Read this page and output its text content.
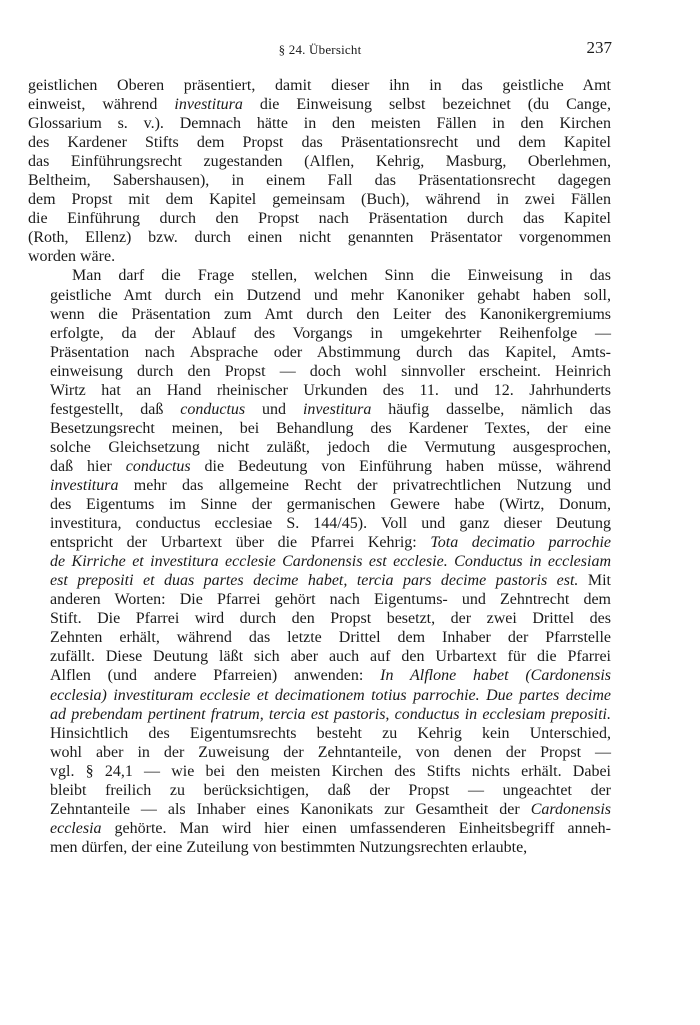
§ 24. Übersicht	237

geistlichen Oberen präsentiert, damit dieser ihn in das geistliche Amt
einweist, während investitura die Einweisung selbst bezeichnet (du Cange,
Glossarium s. v.). Demnach hätte in den meisten Fällen in den Kirchen
des Kardener Stifts dem Propst das Präsentationsrecht und dem Kapitel
das Einführungsrecht zugestanden (Alflen, Kehrig, Masburg, Oberlehmen,
Beltheim, Sabershausen), in einem Fall das Präsentationsrecht dagegen
dem Propst mit dem Kapitel gemeinsam (Buch), während in zwei Fällen
die Einführung durch den Propst nach Präsentation durch das Kapitel
(Roth, Ellenz) bzw. durch einen nicht genannten Präsentator vorgenommen
worden wäre.

Man darf die Frage stellen, welchen Sinn die Einweisung in das
geistliche Amt durch ein Dutzend und mehr Kanoniker gehabt haben soll,
wenn die Präsentation zum Amt durch den Leiter des Kanonikergremiums
erfolgte, da der Ablauf des Vorgangs in umgekehrter Reihenfolge —
Präsentation nach Absprache oder Abstimmung durch das Kapitel, Amts-
einweisung durch den Propst — doch wohl sinnvoller erscheint. Heinrich
Wirtz hat an Hand rheinischer Urkunden des 11. und 12. Jahrhunderts
festgestellt, daß conductus und investitura häufig dasselbe, nämlich das
Besetzungsrecht meinen, bei Behandlung des Kardener Textes, der eine
solche Gleichsetzung nicht zuläßt, jedoch die Vermutung ausgesprochen,
daß hier conductus die Bedeutung von Einführung haben müsse, während
investitura mehr das allgemeine Recht der privatrechtlichen Nutzung und
des Eigentums im Sinne der germanischen Gewere habe (Wirtz, Donum,
investitura, conductus ecclesiae S. 144/45). Voll und ganz dieser Deutung
entspricht der Urbartext über die Pfarrei Kehrig: Tota decimatio parrochie
de Kirriche et investitura ecclesie Cardonensis est ecclesie. Conductus in ecclesiam
est prepositi et duas partes decime habet, tercia pars decime pastoris est. Mit
anderen Worten: Die Pfarrei gehört nach Eigentums- und Zehntrecht dem
Stift. Die Pfarrei wird durch den Propst besetzt, der zwei Drittel des
Zehnten erhält, während das letzte Drittel dem Inhaber der Pfarrstelle
zufällt. Diese Deutung läßt sich aber auch auf den Urbartext für die Pfarrei
Alflen (und andere Pfarreien) anwenden: In Alflone habet (Cardonensis
ecclesia) investituram ecclesie et decimationem totius parrochie. Due partes decime
ad prebendam pertinent fratrum, tercia est pastoris, conductus in ecclesiam prepositi.
Hinsichtlich des Eigentumsrechts besteht zu Kehrig kein Unterschied,
wohl aber in der Zuweisung der Zehntanteile, von denen der Propst —
vgl. § 24,1 — wie bei den meisten Kirchen des Stifts nichts erhält. Dabei
bleibt freilich zu berücksichtigen, daß der Propst — ungeachtet der
Zehntanteile — als Inhaber eines Kanonikats zur Gesamtheit der Cardonensis
ecclesia gehörte. Man wird hier einen umfassenderen Einheitsbegriff anneh-
men dürfen, der eine Zuteilung von bestimmten Nutzungsrechten erlaubte,
